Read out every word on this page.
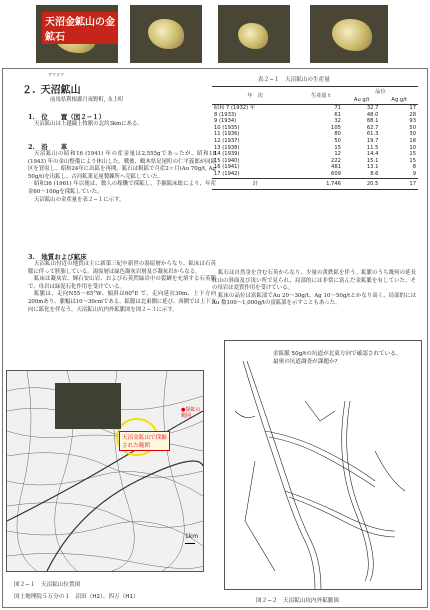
天沼金鉱山の金鉱石
アマヌマ
２. 天沼鉱山
前馬県利根郡月夜野町, 永上町
1.　位　　置（図２−１）

天沼鉱山は上越線上牧駅の北約3kmにある。

2.　沿　　革

天沼鉱山の昭和16 (1941) 年の産金量は2,555gであったが、昭和18 (1943) 年の金山整備により休山した。戦後、鶴木県足尾町の仁平義郎が同鉱区を買収し、昭和24年に出鉱を再開。鉱石は粗鉱で月産2ヶ月(Au 70g/t, Ag 50g/t)を出鉱し、古河鉱業足尾製錬所へ売鉱していた。

昭和36 (1961) 年以後は、数人の稼働で採鉱し、手掘鉱床総により、年産金60～100gを採鉱していた。

天沼鉱山の金産量を表２−１に示す。

3.　地質および鉱床

天沼鉱山付近の地質は主に新第三紀中新世の湯原層からなり、鉱床は石英脈に伴って胚胎している。湯原層は緑色凝灰岩層及び凝灰岩からなる。

鉱床は凝灰岩、輝石安山岩、および石英閃緑岩中の裂罅を充填する石英脈で、母岩は緑泥石化作用を受けている。

鉱脈は、走向N55～65°W、傾斜は60°E で、走向延長30m、上下方向200mあり、脈幅は10～30cmである。鉱脈は北東側に延び、西側では上下方向に鉱化を伴なう。天沼鉱山坑内外鉱脈図を図２−３に示す。

表２−１　天沼鉱山の生産量
年　次	生産量 t	品位	
		Au g/t	Ag g/t
昭和 7 (1932) 年	71	32.7	17
8 (1933)	61	48.0	28
9 (1934)	32	88.1	93
10 (1935)	105	62.7	50
11 (1936)	80	61.3	30
12 (1937)	50	19.7	18
13 (1938)	15	11.5	10
14 (1939)	12	14.4	15
15 (1940)	222	15.1	15
16 (1941)	481	13.1	8
17 (1942)	609	8.6	9
計	1,746	20.5	17

鉱石は自然金を含む石英からなり、少量の黄鉄鉱を伴う。鉱脈のうち幾何の延長は山の斜面及び浅い所で見られ、局部的には非常に富んだ金鉱脈を有していた。その母岩は変質作用を受けている。

鉱床の品位は富鉱部でAu 20～30g/t、Ag 10～50g/tとかなり高く、局部的にはAu 数100～1,000g/tの富鉱部を示すこともあった。

天沼金鉱山で採掘
された範囲
●探鉱の範囲
1km
図２−１　天沼鉱山位置図
国土地理院５万分の１　沼田（H2）、四万（H1）
金鉱脈 50g/tの坑道が北東方向で確認されている。
最奥の坑道調査が課題か?
図２−２　天沼鉱山坑内外鉱脈図
